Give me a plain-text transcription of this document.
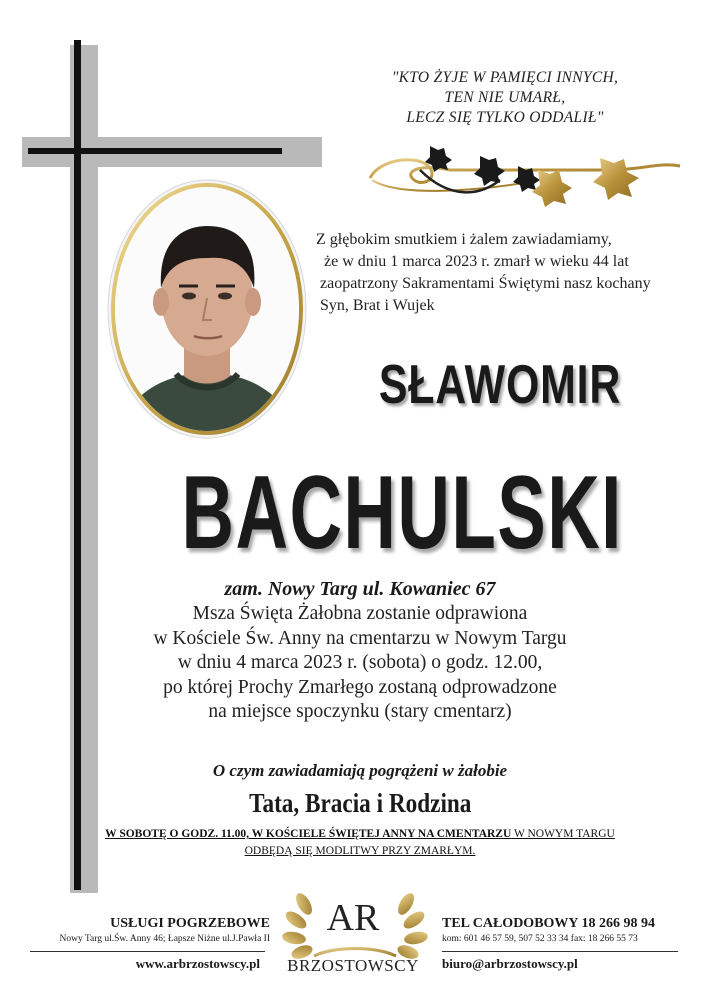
"KTO ŻYJE W PAMIĘCI INNYCH,
TEN NIE UMARŁ,
LECZ SIĘ TYLKO ODDALIŁ"
Z głębokim smutkiem i żalem zawiadamiamy,
że w dniu 1 marca 2023 r. zmarł w wieku 44 lat
zaopatrzony Sakramentami Świętymi nasz kochany
Syn, Brat i Wujek
SŁAWOMIR
BACHULSKI
zam. Nowy Targ ul. Kowaniec 67
Msza Święta Żałobna zostanie odprawiona
w Kościele Św. Anny na cmentarzu w Nowym Targu
w dniu 4 marca 2023 r. (sobota) o godz. 12.00,
po której Prochy Zmarłego zostaną odprowadzone
na miejsce spoczynku (stary cmentarz)
O czym zawiadamiają pogrążeni w żałobie
Tata, Bracia i Rodzina
W SOBOTĘ O GODZ. 11.00, W KOŚCIELE ŚWIĘTEJ ANNY NA CMENTARZU W NOWYM TARGU
ODBĘDĄ SIĘ MODLITWY PRZY ZMARŁYM.
USŁUGI POGRZEBOWE
Nowy Targ ul.Św. Anny 46; Łapsze Niżne ul.J.Pawła II
www.arbrzostowscy.pl
AR
BRZOSTOWSCY
TEL CAŁODOBOWY 18 266 98 94
kom: 601 46 57 59, 507 52 33 34 fax: 18 266 55 73
biuro@arbrzostowscy.pl
